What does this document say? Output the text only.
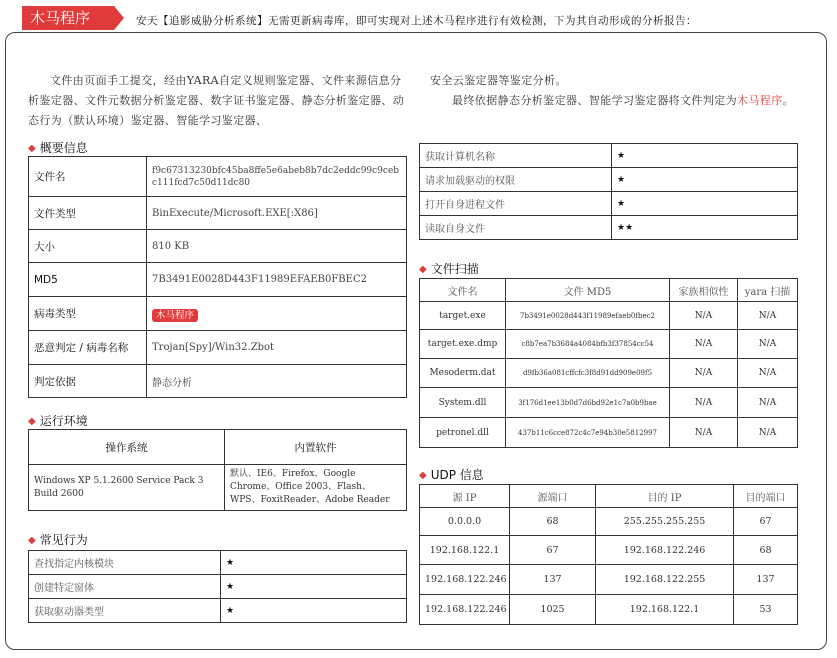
木马程序	安天【追影威胁分析系统】无需更新病毒库，即可实现对上述木马程序进行有效检测，下为其自动形成的分析报告：
文件由页面手工提交，经由YARA自定义规则鉴定器、文件来源信息分析鉴定器、文件元数据分析鉴定器、数字证书鉴定器、静态分析鉴定器、动态行为（默认环境）鉴定器、智能学习鉴定器、
安全云鉴定器等鉴定分析。
最终依据静态分析鉴定器、智能学习鉴定器将文件判定为木马程序。
◆ 概要信息
文件名	f9c67313230bfc45ba8ffe5e6abeb8b7dc2eddc99c9cebc111fcd7c50d11dc80
文件类型	BinExecute/Microsoft.EXE[:X86]
大小	810 KB
MD5	7B3491E0028D443F11989EFAEB0FBEC2
病毒类型	木马程序
恶意判定 / 病毒名称	Trojan[Spy]/Win32.Zbot
判定依据	静态分析
◆ 运行环境
操作系统	内置软件
Windows XP 5.1.2600 Service Pack 3 Build 2600	默认、IE6、Firefox、Google Chrome、Office 2003、Flash、WPS、FoxitReader、Adobe Reader
◆ 常见行为
查找指定内核模块	★
创建特定窗体	★
获取驱动器类型	★
获取计算机名称	★
请求加载驱动的权限	★
打开自身进程文件	★
读取自身文件	★★
◆ 文件扫描
文件名	文件 MD5	家族相似性	yara 扫描
target.exe	7b3491e0028d443f11989efaeb0fbec2	N/A	N/A
target.exe.dmp	c8b7ea7b3684a4084bfb3f37854cc54	N/A	N/A
Mesoderm.dat	d9fb36a081cffcfc3f8d91dd909e09f5	N/A	N/A
System.dll	3f176d1ee13b0d7d6bd92e1c7a0b9bae	N/A	N/A
petronel.dll	437b11c6cce872c4c7e94b30e5812997	N/A	N/A
◆ UDP 信息
源 IP	源端口	目的 IP	目的端口
0.0.0.0	68	255.255.255.255	67
192.168.122.1	67	192.168.122.246	68
192.168.122.246	137	192.168.122.255	137
192.168.122.246	1025	192.168.122.1	53
